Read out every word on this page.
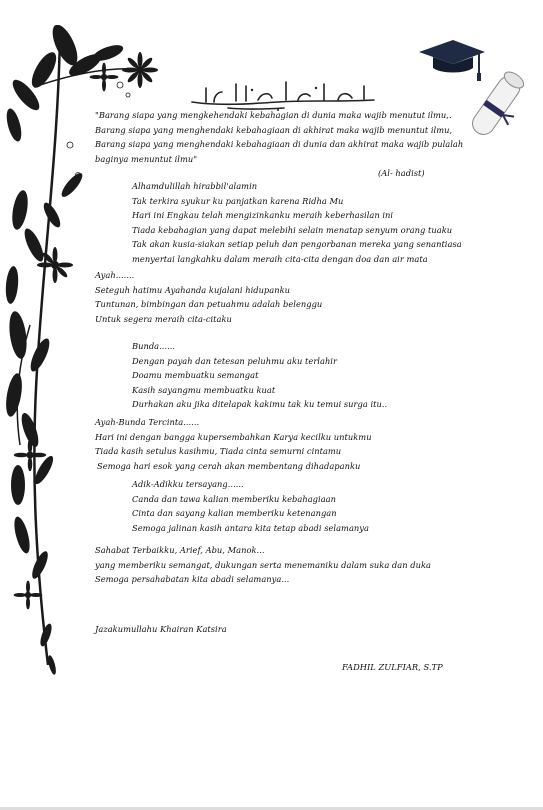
"Barang siapa yang mengkehendaki kebahagian di dunia maka wajib menutut ilmu,.
Barang siapa yang menghendaki kebahagiaan di akhirat maka wajib menuntut ilmu,
Barang siapa yang menghendaki kebahagiaan di dunia dan akhirat maka wajib pulalah
baginya menuntut ilmu"
(Al- hadist)
Alhamdulillah hirabbil'alamin
Tak terkira syukur ku panjatkan karena Ridha Mu
Hari ini Engkau telah mengizinkanku meraih keberhasilan ini
Tiada kebahagian yang dapat melebihi selain menatap senyum orang tuaku
Tak akan kusia-siakan setiap peluh dan pengorbanan mereka yang senantiasa
menyertai langkahku dalam meraih cita-cita dengan doa dan air mata
Ayah.......
Seteguh hatimu Ayahanda kujalani hidupanku
Tuntunan, bimbingan dan petuahmu adalah belenggu
Untuk segera meraih cita-citaku
Bunda......
Dengan payah dan tetesan peluhmu aku terlahir
Doamu membuatku semangat
Kasih sayangmu membuatku kuat
Durhakan aku jika ditelapak kakimu tak ku temui surga itu..
Ayah-Bunda Tercinta......
Hari ini dengan bangga kupersembahkan Karya kecilku untukmu
Tiada kasih setulus kasihmu, Tiada cinta semurni cintamu
Semoga hari esok yang cerah akan membentang dihadapanku
Adik-Adikku tersayang......
Canda dan tawa kalian memberiku kebahagiaan
Cinta dan sayang kalian memberiku ketenangan
Semoga jalinan kasih antara kita tetap abadi selamanya
Sahabat Terbaikku, Arief, Abu, Manok...
yang memberiku semangat, dukungan serta menemaniku dalam suka dan duka
Semoga persahabatan kita abadi selamanya...
Jazakumullahu Khairan Katsira
FADHIL ZULFIAR, S.TP
